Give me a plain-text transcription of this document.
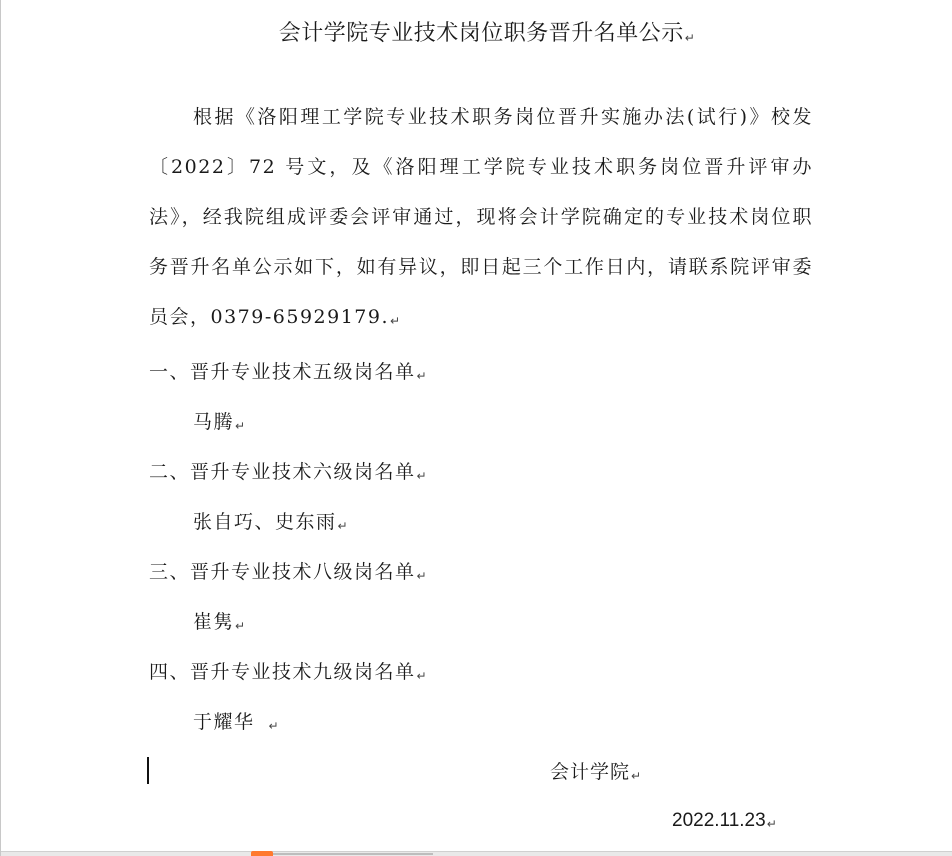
会计学院专业技术岗位职务晋升名单公示↵

根据《洛阳理工学院专业技术职务岗位晋升实施办法(试行)》校发〔2022〕72 号文，及《洛阳理工学院专业技术职务岗位晋升评审办法》，经我院组成评委会评审通过，现将会计学院确定的专业技术岗位职务晋升名单公示如下，如有异议，即日起三个工作日内，请联系院评审委员会，0379-65929179.↵

一、晋升专业技术五级岗名单↵
马腾↵
二、晋升专业技术六级岗名单↵
张自巧、史东雨↵
三、晋升专业技术八级岗名单↵
崔隽↵
四、晋升专业技术九级岗名单↵
于耀华 ↵
会计学院↵
2022.11.23↵
